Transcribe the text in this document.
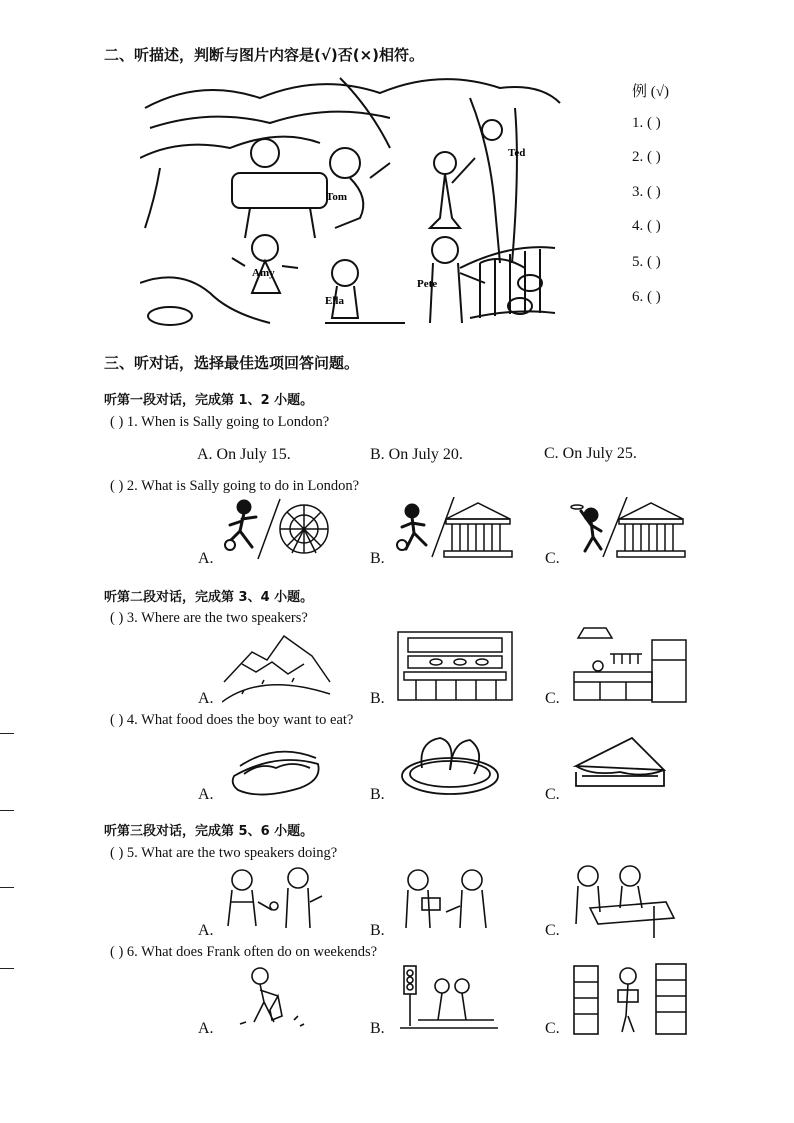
二、听描述，判断与图片内容是(√)否(×)相符。
Ted
Tom
Amy
Ella
Pete
例 (√)
1. ( )
2. ( )
3. ( )
4. ( )
5. ( )
6. ( )
三、听对话，选择最佳选项回答问题。
听第一段对话，完成第 1、2 小题。
( ) 1. When is Sally going to London?
A. On July 15.	B. On July 20.	C. On July 25.
( ) 2. What is Sally going to do in London?
A.	B.	C.
听第二段对话，完成第 3、4 小题。
( ) 3. Where are the two speakers?
A.	B.	C.
( ) 4. What food does the boy want to eat?
A.	B.	C.
听第三段对话，完成第 5、6 小题。
( ) 5. What are the two speakers doing?
A.	B.	C.
( ) 6. What does Frank often do on weekends?
A.	B.	C.
